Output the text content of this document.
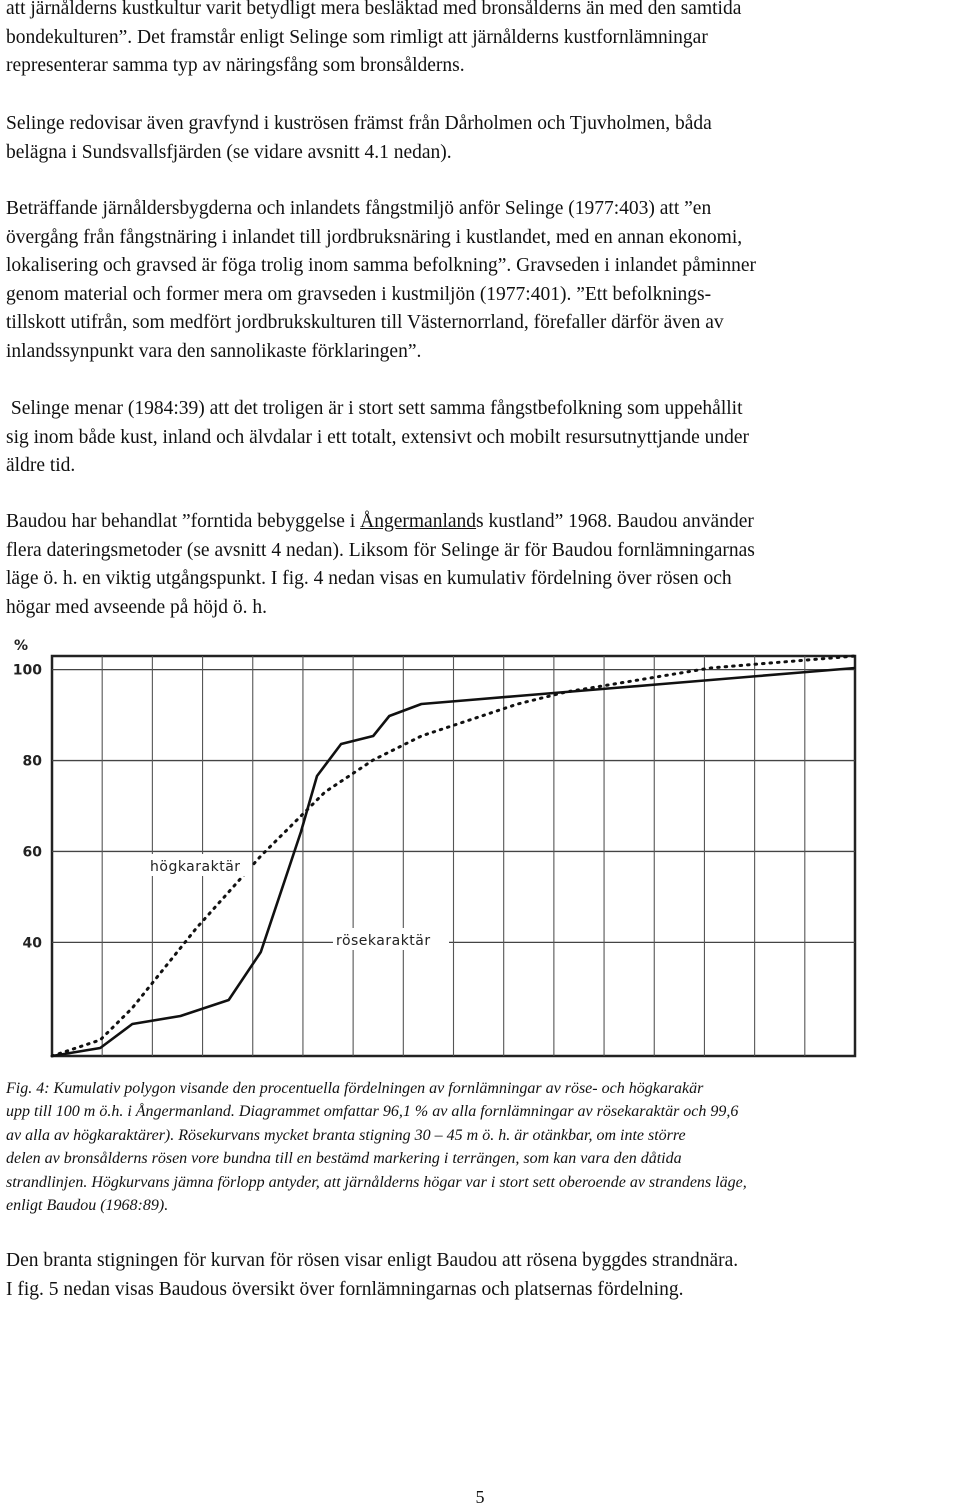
att järnålderns kustkultur varit betydligt mera besläktad med bronsålderns än med den samtida
bondekulturen”. Det framstår enligt Selinge som rimligt att järnålderns kustfornlämningar
representerar samma typ av näringsfång som bronsålderns.

Selinge redovisar även gravfynd i kuströsen främst från Dårholmen och Tjuvholmen, båda
belägna i Sundsvallsfjärden (se vidare avsnitt 4.1 nedan).

Beträffande järnåldersbygderna och inlandets fångstmiljö anför Selinge (1977:403) att ”en
övergång från fångstnäring i inlandet till jordbruksnäring i kustlandet, med en annan ekonomi,
lokalisering och gravsed är föga trolig inom samma befolkning”. Gravseden i inlandet påminner
genom material och former mera om gravseden i kustmiljön (1977:401). ”Ett befolknings-
tillskott utifrån, som medfört jordbrukskulturen till Västernorrland, förefaller därför även av
inlandssynpunkt vara den sannolikaste förklaringen”.

Selinge menar (1984:39) att det troligen är i stort sett samma fångstbefolkning som uppehållit
sig inom både kust, inland och älvdalar i ett totalt, extensivt och mobilt resursutnyttjande under
äldre tid.

Baudou har behandlat ”forntida bebyggelse i Ångermanlands kustland” 1968. Baudou använder
flera dateringsmetoder (se avsnitt 4 nedan). Liksom för Selinge är för Baudou fornlämningarnas
läge ö. h. en viktig utgångspunkt. I fig. 4 nedan visas en kumulativ fördelning över rösen och
högar med avseende på höjd ö. h.

100
80
60
40
%
högkaraktär
rösekaraktär
Fig. 4: Kumulativ polygon visande den procentuella fördelningen av fornlämningar av röse- och högkarakär
upp till 100 m ö.h. i Ångermanland. Diagrammet omfattar 96,1 % av alla fornlämningar av rösekaraktär och 99,6
av alla av högkaraktärer). Rösekurvans mycket branta stigning 30 – 45 m ö. h. är otänkbar, om inte större
delen av bronsålderns rösen vore bundna till en bestämd markering i terrängen, som kan vara den dåtida
strandlinjen. Högkurvans jämna förlopp antyder, att järnålderns högar var i stort sett oberoende av strandens läge,
enligt Baudou (1968:89).

Den branta stigningen för kurvan för rösen visar enligt Baudou att rösena byggdes strandnära.
I fig. 5 nedan visas Baudous översikt över fornlämningarnas och platsernas fördelning.

5
